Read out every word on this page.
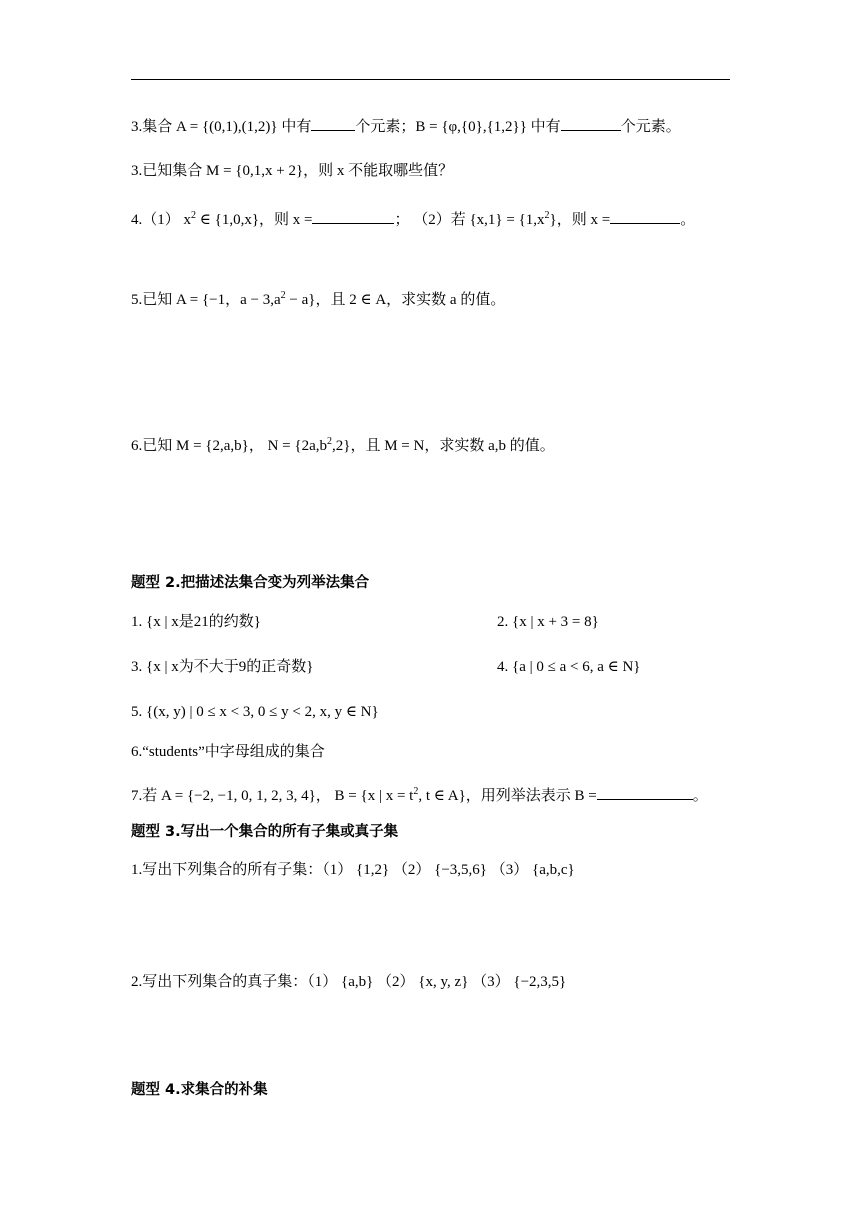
3.集合 A = {(0,1),(1,2)} 中有	个元素；B = {φ,{0},{1,2}} 中有	个元素。
3.已知集合 M = {0,1,x + 2}，则 x 不能取哪些值？
4.（1） $x^2$ ∈ {1,0,x}，则 x =	； （2）若 $\{x,1\} = \{1,x^2\}$，则 x =	。
5.已知 A = {−1，$a - 3,a^2 - a$}，且 2 ∈ A，求实数 a 的值。
6.已知 M = {2,a,b}， $N = \{2a,b^2,2\}$，且 M = N，求实数 a,b 的值。
题型 2.把描述法集合变为列举法集合
1. {x | x是21的约数}	2. {x | x + 3 = 8}
3. {x | x为不大于9的正奇数}	4. {a | 0 ≤ a < 6, a ∈ N}
5. {(x, y) | 0 ≤ x < 3, 0 ≤ y < 2, x, y ∈ N}
6.“students”中字母组成的集合
7.若 A = {−2, −1, 0, 1, 2, 3, 4}， B = {x | $x = t^2$, t ∈ A}，用列举法表示 B =	。
题型 3.写出一个集合的所有子集或真子集
1.写出下列集合的所有子集：（1） {1,2} （2） {−3,5,6} （3） {a,b,c}
2.写出下列集合的真子集：（1） {a,b} （2） {x, y, z} （3） {−2,3,5}
题型 4.求集合的补集
